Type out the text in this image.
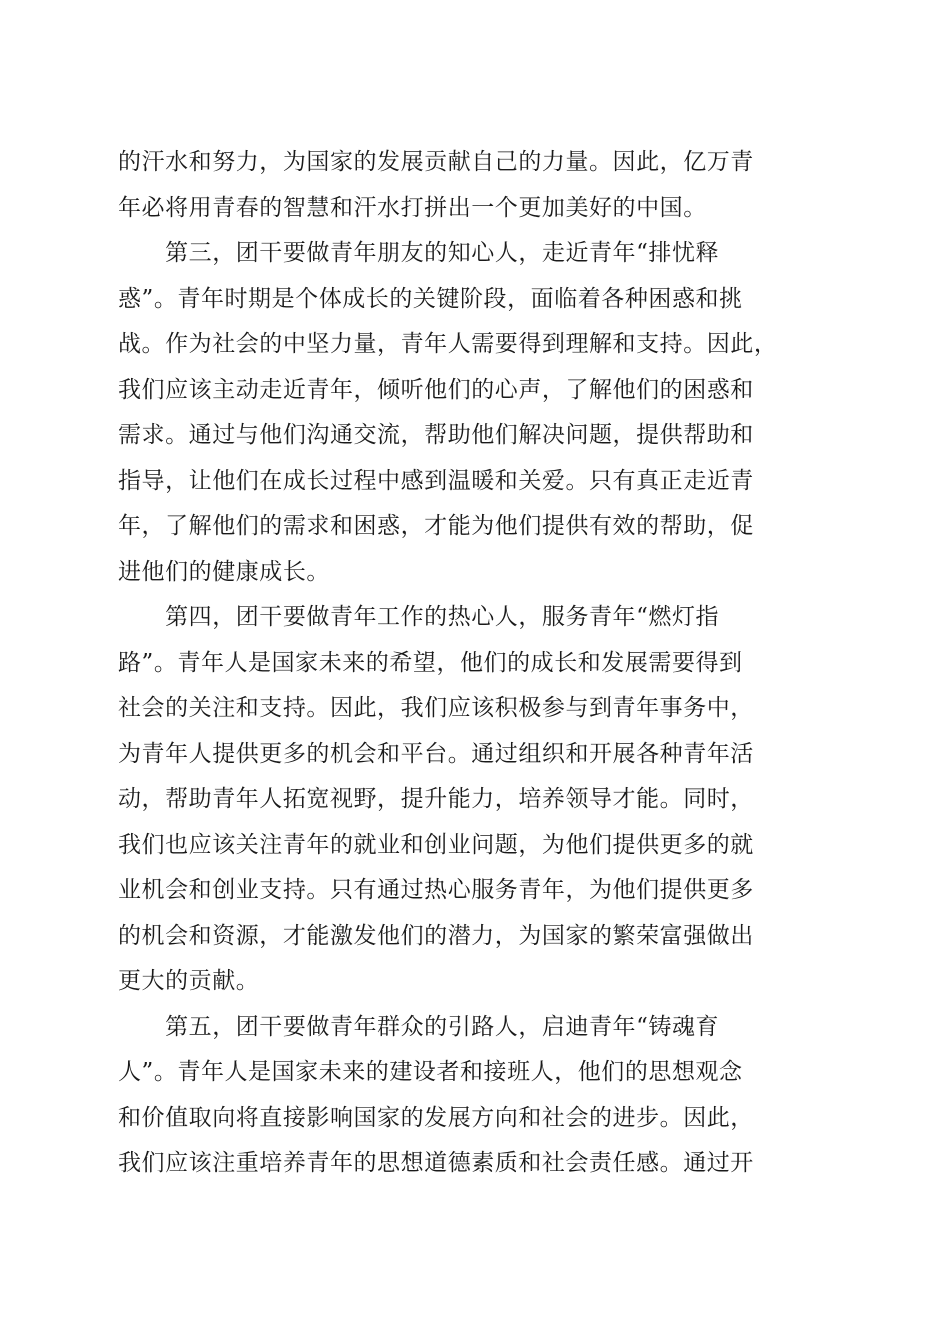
的汗水和努力，为国家的发展贡献自己的力量。因此，亿万青
年必将用青春的智慧和汗水打拼出一个更加美好的中国。
　　第三，团干要做青年朋友的知心人，走近青年“排忧释
惑”。青年时期是个体成长的关键阶段，面临着各种困惑和挑
战。作为社会的中坚力量，青年人需要得到理解和支持。因此，
我们应该主动走近青年，倾听他们的心声，了解他们的困惑和
需求。通过与他们沟通交流，帮助他们解决问题，提供帮助和
指导，让他们在成长过程中感到温暖和关爱。只有真正走近青
年，了解他们的需求和困惑，才能为他们提供有效的帮助，促
进他们的健康成长。
　　第四，团干要做青年工作的热心人，服务青年“燃灯指
路”。青年人是国家未来的希望，他们的成长和发展需要得到
社会的关注和支持。因此，我们应该积极参与到青年事务中，
为青年人提供更多的机会和平台。通过组织和开展各种青年活
动，帮助青年人拓宽视野，提升能力，培养领导才能。同时，
我们也应该关注青年的就业和创业问题，为他们提供更多的就
业机会和创业支持。只有通过热心服务青年，为他们提供更多
的机会和资源，才能激发他们的潜力，为国家的繁荣富强做出
更大的贡献。
　　第五，团干要做青年群众的引路人，启迪青年“铸魂育
人”。青年人是国家未来的建设者和接班人，他们的思想观念
和价值取向将直接影响国家的发展方向和社会的进步。因此，
我们应该注重培养青年的思想道德素质和社会责任感。通过开
